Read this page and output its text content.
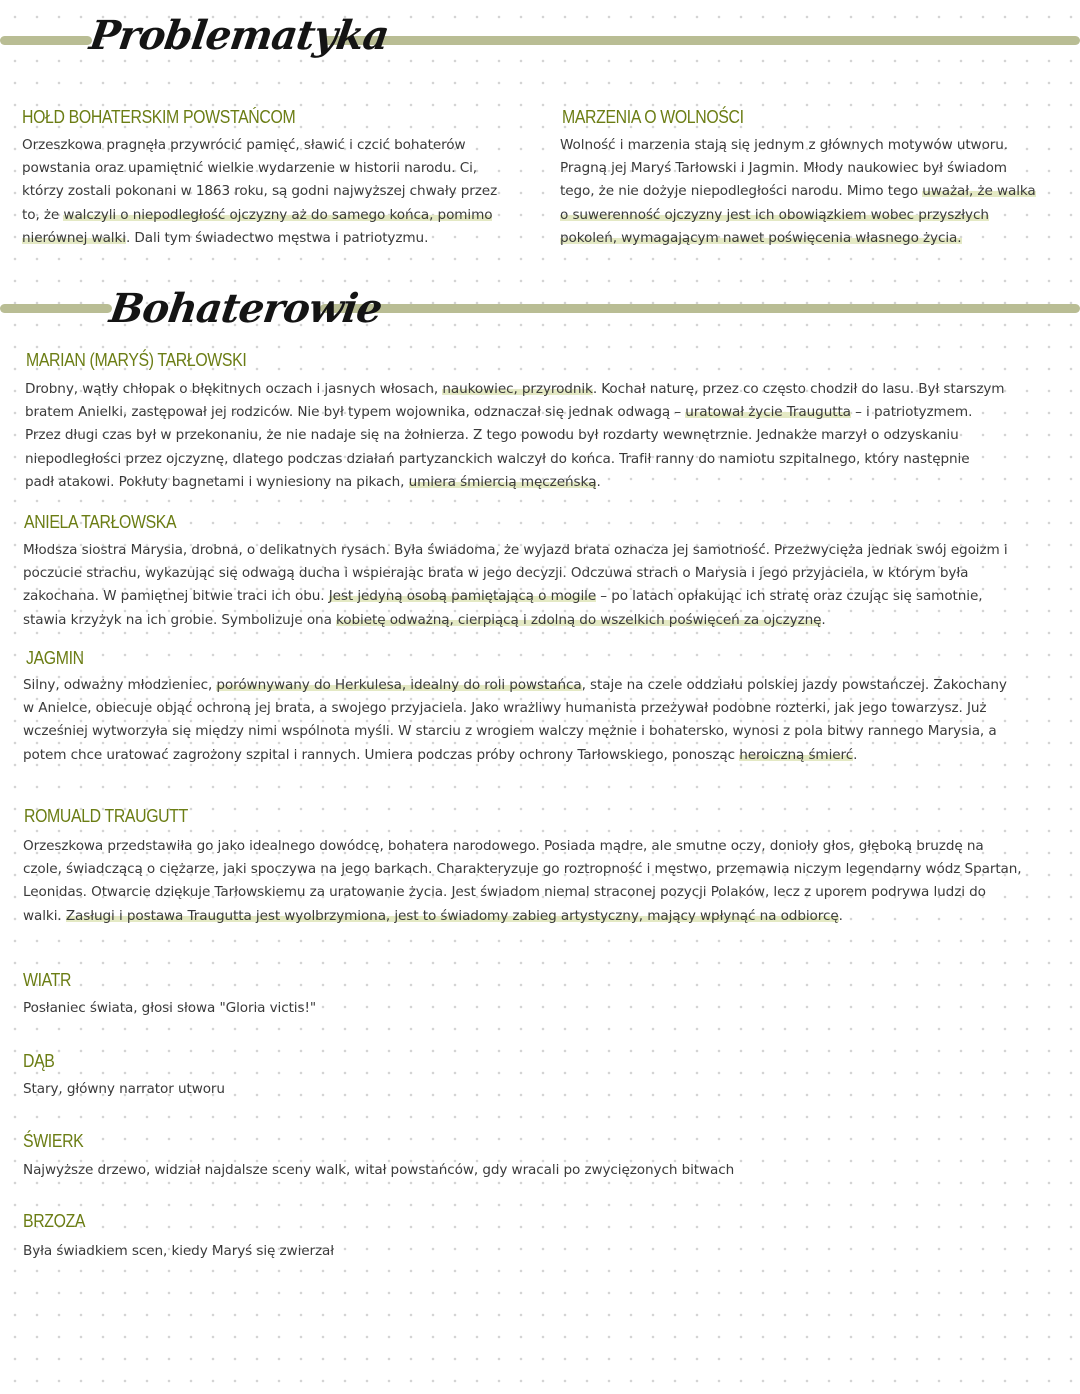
Problematyka
HOŁD BOHATERSKIM POWSTAŃCOM
Orzeszkowa pragnęła przywrócić pamięć, sławić i czcić bohaterów
powstania oraz upamiętnić wielkie wydarzenie w historii narodu. Ci,
którzy zostali pokonani w 1863 roku, są godni najwyższej chwały przez
to, że walczyli o niepodległość ojczyzny aż do samego końca, pomimo
nierównej walki. Dali tym świadectwo męstwa i patriotyzmu.
MARZENIA O WOLNOŚCI
Wolność i marzenia stają się jednym z głównych motywów utworu.
Pragną jej Maryś Tarłowski i Jagmin. Młody naukowiec był świadom
tego, że nie dożyje niepodległości narodu. Mimo tego uważał, że walka
o suwerenność ojczyzny jest ich obowiązkiem wobec przyszłych
pokoleń, wymagającym nawet poświęcenia własnego życia.
Bohaterowie
MARIAN (MARYŚ) TARŁOWSKI
Drobny, wątły chłopak o błękitnych oczach i jasnych włosach, naukowiec, przyrodnik. Kochał naturę, przez co często chodził do lasu. Był starszym
bratem Anielki, zastępował jej rodziców. Nie był typem wojownika, odznaczał się jednak odwagą – uratował życie Traugutta – i patriotyzmem.
Przez długi czas był w przekonaniu, że nie nadaje się na żołnierza. Z tego powodu był rozdarty wewnętrznie. Jednakże marzył o odzyskaniu
niepodległości przez ojczyznę, dlatego podczas działań partyzanckich walczył do końca. Trafił ranny do namiotu szpitalnego, który następnie
padł atakowi. Pokłuty bagnetami i wyniesiony na pikach, umiera śmiercią męczeńską.
ANIELA TARŁOWSKA
Młodsza siostra Marysia, drobna, o delikatnych rysach. Była świadoma, że wyjazd brata oznacza jej samotność. Przezwycięża jednak swój egoizm i
poczucie strachu, wykazując się odwagą ducha i wspierając brata w jego decyzji. Odczuwa strach o Marysia i jego przyjaciela, w którym była
zakochana. W pamiętnej bitwie traci ich obu. Jest jedyną osobą pamiętającą o mogile – po latach opłakując ich stratę oraz czując się samotnie,
stawia krzyżyk na ich grobie. Symbolizuje ona kobietę odważną, cierpiącą i zdolną do wszelkich poświęceń za ojczyznę.
JAGMIN
Silny, odważny młodzieniec, porównywany do Herkulesa, idealny do roli powstańca, staje na czele oddziału polskiej jazdy powstańczej. Zakochany
w Anielce, obiecuje objąć ochroną jej brata, a swojego przyjaciela. Jako wrażliwy humanista przeżywał podobne rozterki, jak jego towarzysz. Już
wcześniej wytworzyła się między nimi wspólnota myśli. W starciu z wrogiem walczy mężnie i bohatersko, wynosi z pola bitwy rannego Marysia, a
potem chce uratować zagrożony szpital i rannych. Umiera podczas próby ochrony Tarłowskiego, ponosząc heroiczną śmierć.
ROMUALD TRAUGUTT
Orzeszkowa przedstawiła go jako idealnego dowódcę, bohatera narodowego. Posiada mądre, ale smutne oczy, donioły głos, głęboką bruzdę na
czole, świadczącą o ciężarze, jaki spoczywa na jego barkach. Charakteryzuje go roztropność i męstwo, przemawia niczym legendarny wódz Spartan,
Leonidas. Otwarcie dziękuje Tarłowskiemu za uratowanie życia. Jest świadom niemal straconej pozycji Polaków, lecz z uporem podrywa ludzi do
walki. Zasługi i postawa Traugutta jest wyolbrzymiona, jest to świadomy zabieg artystyczny, mający wpłynąć na odbiorcę.
WIATR
Posłaniec świata, głosi słowa "Gloria victis!"
DĄB
Stary, główny narrator utworu
ŚWIERK
Najwyższe drzewo, widział najdalsze sceny walk, witał powstańców, gdy wracali po zwycięzonych bitwach
BRZOZA
Była świadkiem scen, kiedy Maryś się zwierzał
